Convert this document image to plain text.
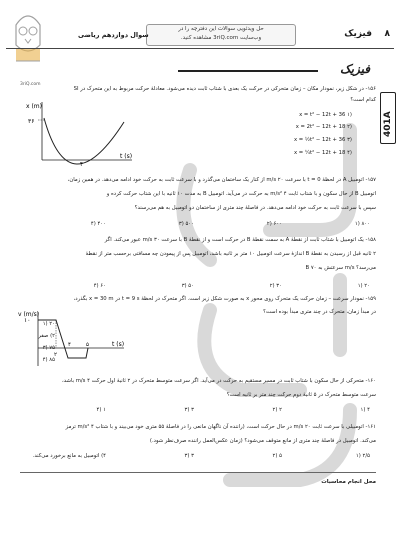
3riQ.com
۸
فیزیک
حل ویدئویی سوالات این دفترچه را در
وب‌سایت 3riQ.com مشاهده کنید.
سوال دوازدهم ریاضی
فیزیک
401A
۱۵۶- در شکل زیر، نمودار مکان – زمان متحرکی در حرکت یک بعدی با شتاب ثابت دیده می‌شود. معادلهٔ حرکت مربوط به این متحرک در SI
کدام است؟
x (m)
۳۶
t (s)
۴
x = t² − 12t + 36 ۱)
x = 2t² − 12t + 18 ۲)
x = ½t² − 12t + 36 ۳)
x = ¼t² − 12t + 18 ۴)
۱۵۷- اتومبیل A در لحظهٔ t = 0 با سرعت ۲۰ m/s از کنار یک ساختمان می‌گذرد و با سرعت ثابت به حرکت خود ادامه می‌دهد. در همین زمان،
اتومبیل B از حال سکون و با شتاب ثابت ۴ m/s² به حرکت در می‌آید. اتومبیل B به مدت ۱۰ ثانیه با این شتاب حرکت کرده و
سپس با سرعت ثابت به حرکت خود ادامه می‌دهد. در فاصلهٔ چند متری از ساختمان دو اتومبیل به هم می‌رسند؟
۱) ۸۰۰
۲) ۶۰۰
۳) ۵۰۰
۴) ۴۰۰
۱۵۸- یک اتومبیل با شتاب ثابت از نقطهٔ A به سمت نقطهٔ B در حرکت است و از نقطهٔ B با سرعت ۳۰ m/s عبور می‌کند. اگر
۲ ثانیه قبل از رسیدن به نقطهٔ B اندازهٔ سرعت اتومبیل ۱۰ متر بر ثانیه باشد، اتومبیل پس از پیمودن چه مسافتی برحسب متر از نقطهٔ
B سرعتش به ۷۰ m/s می‌رسد؟
۱) ۲۰
۲) ۳۰
۳) ۵۰
۴) ۶۰
۱۵۹- نمودار سرعت – زمان حرکت یک متحرک روی محور x به صورت شکل زیر است. اگر متحرک در لحظهٔ t = 9 s در x = 30 m بگذرد،
در مبدأ زمان، متحرک در چند متری مبدأ بوده است؟
v (m/s)
۱۰
t (s)
۲
۴	۵
۱) ۲۰
۲) صفر
۳) ۷۵
۴) ۸۵
۱۶۰- متحرکی از حال سکون با شتاب ثابت در مسیر مستقیم به حرکت در می‌آید. اگر سرعت متوسط متحرک در ۲ ثانیهٔ اول حرکت ۴ m/s باشد،
سرعت متوسط متحرک در ۵ ثانیهٔ دوم حرکت چند متر بر ثانیه است؟
۱) ۴
۲) ۲
۳) ۳
۴) ۱
۱۶۱- اتومبیلی با سرعت ثابت ۲۰ m/s در حال حرکت است، (راننده آن ناگهان مانعی را در فاصلهٔ ۵۵ متری خود می‌بیند و با شتاب ۴ m/s² ترمز
می‌کند. اتومبیل در فاصلهٔ چند متری از مانع متوقف می‌شود؟ (زمان عکس‌العمل راننده صرف‌نظر شود.)
۱) ۲/۵
۲) ۵
۳) ۳
۴) اتومبیل به مانع برخورد می‌کند.
محل انجام محاسبات
